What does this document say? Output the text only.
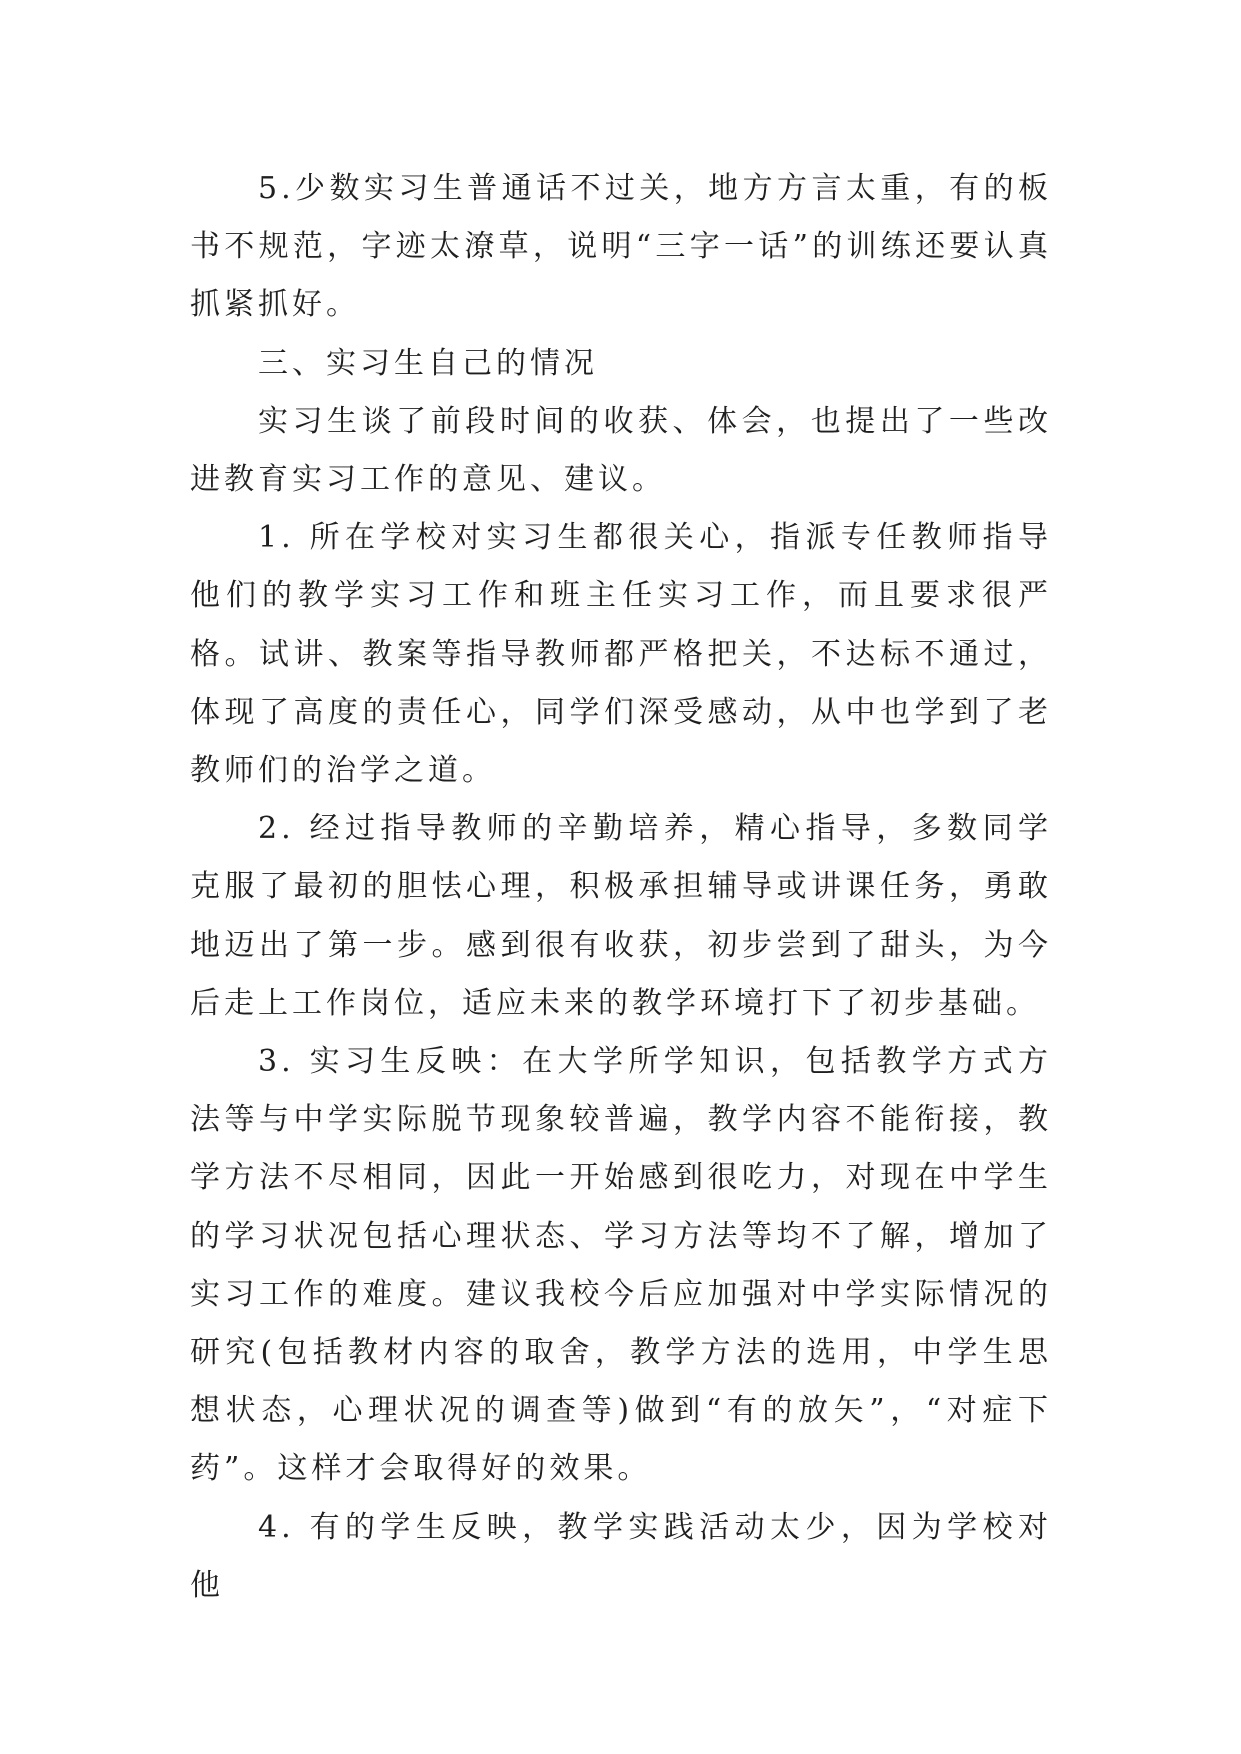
5.少数实习生普通话不过关，地方方言太重，有的板书不规范，字迹太潦草，说明“三字一话”的训练还要认真抓紧抓好。

三、实习生自己的情况

实习生谈了前段时间的收获、体会，也提出了一些改进教育实习工作的意见、建议。

1. 所在学校对实习生都很关心，指派专任教师指导他们的教学实习工作和班主任实习工作，而且要求很严格。试讲、教案等指导教师都严格把关，不达标不通过，体现了高度的责任心，同学们深受感动，从中也学到了老教师们的治学之道。

2. 经过指导教师的辛勤培养，精心指导，多数同学克服了最初的胆怯心理，积极承担辅导或讲课任务，勇敢地迈出了第一步。感到很有收获，初步尝到了甜头，为今后走上工作岗位，适应未来的教学环境打下了初步基础。

3. 实习生反映：在大学所学知识，包括教学方式方法等与中学实际脱节现象较普遍，教学内容不能衔接，教学方法不尽相同，因此一开始感到很吃力，对现在中学生的学习状况包括心理状态、学习方法等均不了解，增加了实习工作的难度。建议我校今后应加强对中学实际情况的研究(包括教材内容的取舍，教学方法的选用，中学生思想状态，心理状况的调查等)做到“有的放矢”，“对症下药”。这样才会取得好的效果。

4. 有的学生反映，教学实践活动太少，因为学校对他
